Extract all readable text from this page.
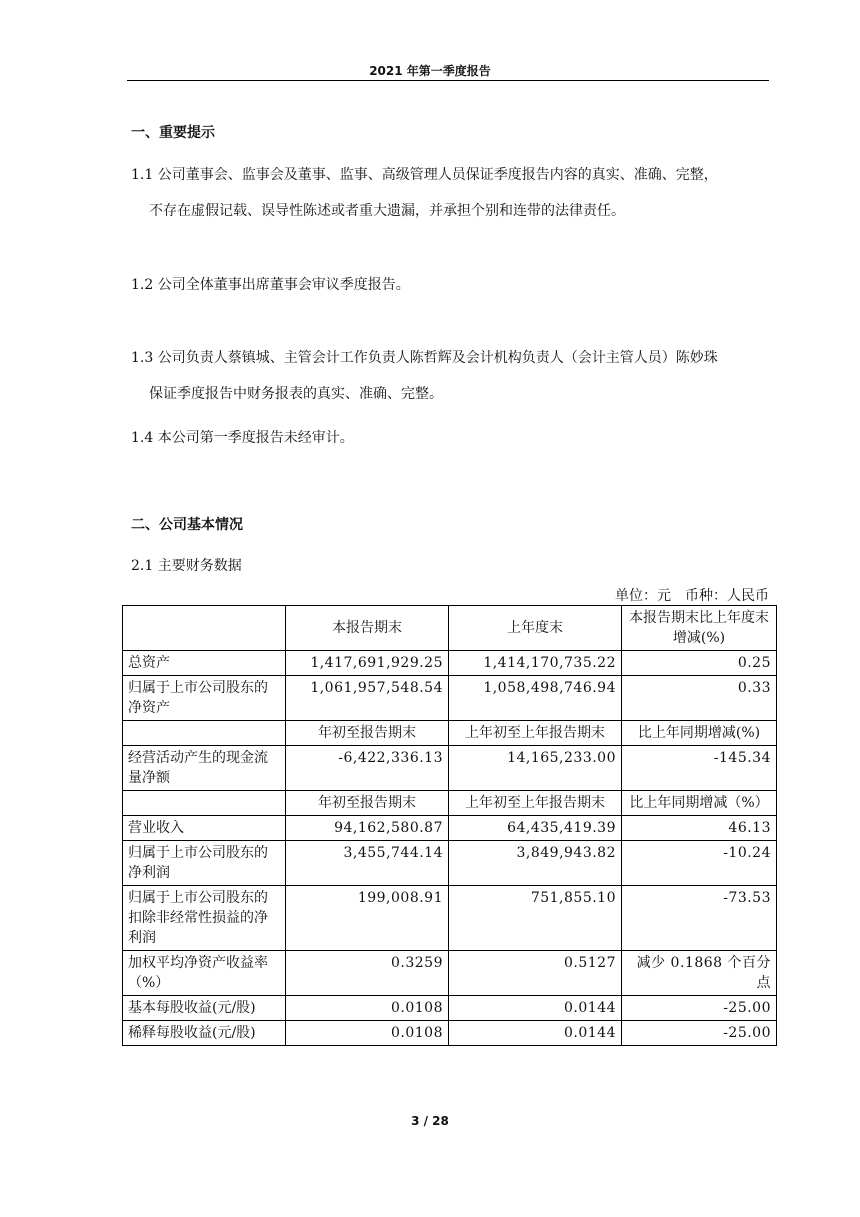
2021 年第一季度报告
一、重要提示
1.1 公司董事会、监事会及董事、监事、高级管理人员保证季度报告内容的真实、准确、完整，
不存在虚假记载、误导性陈述或者重大遗漏，并承担个别和连带的法律责任。
1.2 公司全体董事出席董事会审议季度报告。
1.3 公司负责人蔡镇城、主管会计工作负责人陈哲辉及会计机构负责人（会计主管人员）陈妙珠
保证季度报告中财务报表的真实、准确、完整。
1.4 本公司第一季度报告未经审计。
二、公司基本情况
2.1 主要财务数据
单位：元　币种：人民币
	本报告期末	上年度末	本报告期末比上年度末增减(%)
总资产	1,417,691,929.25	1,414,170,735.22	0.25
归属于上市公司股东的净资产	1,061,957,548.54	1,058,498,746.94	0.33
	年初至报告期末	上年初至上年报告期末	比上年同期增减(%)
经营活动产生的现金流量净额	-6,422,336.13	14,165,233.00	-145.34
	年初至报告期末	上年初至上年报告期末	比上年同期增减（%）
营业收入	94,162,580.87	64,435,419.39	46.13
归属于上市公司股东的净利润	3,455,744.14	3,849,943.82	-10.24
归属于上市公司股东的扣除非经常性损益的净利润	199,008.91	751,855.10	-73.53
加权平均净资产收益率（%）	0.3259	0.5127	减少 0.1868 个百分点
基本每股收益(元/股)	0.0108	0.0144	-25.00
稀释每股收益(元/股)	0.0108	0.0144	-25.00
3 / 28
